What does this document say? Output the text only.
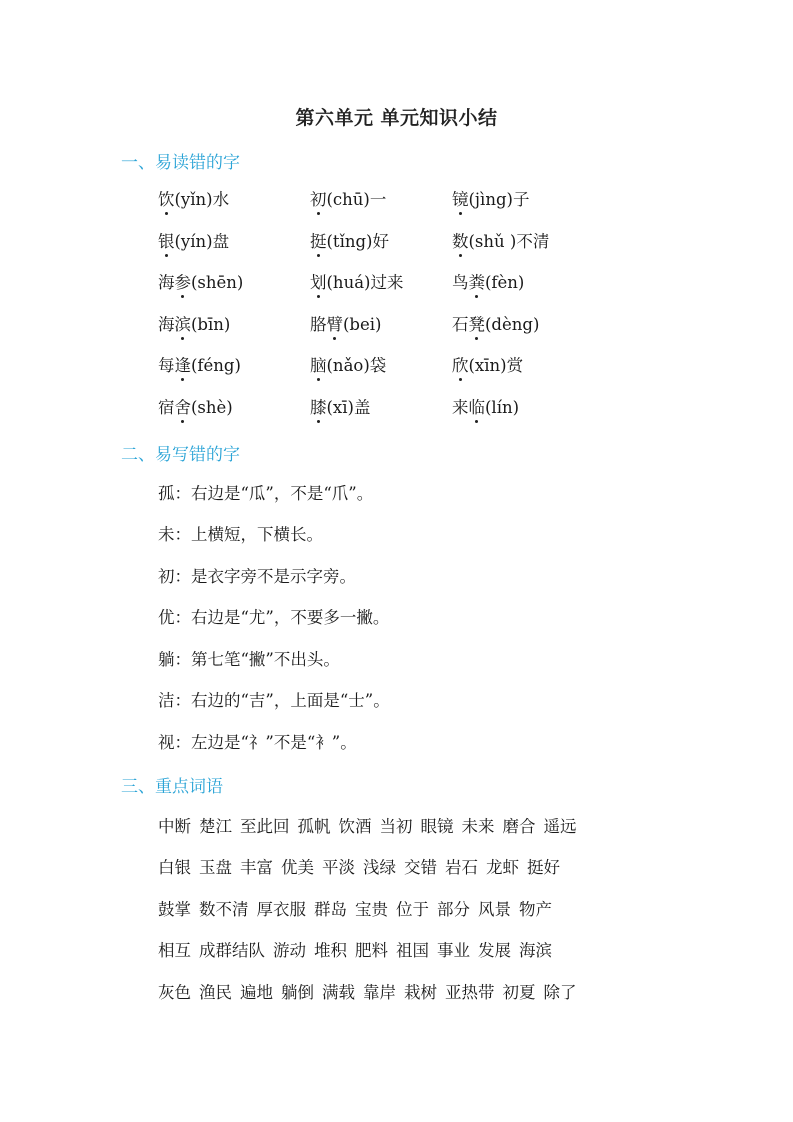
第六单元 单元知识小结
一、易读错的字
饮(yǐn)水	初(chū)一	镜(jìng)子
银(yín)盘	挺(tǐng)好	数(shǔ )不清
海参(shēn)	划(huá)过来	鸟粪(fèn)
海滨(bīn)	胳臂(bei)	石凳(dèng)
每逢(féng)	脑(nǎo)袋	欣(xīn)赏
宿舍(shè)	膝(xī)盖	来临(lín)
二、易写错的字
孤：右边是“瓜”，不是“爪”。
未：上横短，下横长。
初：是衣字旁不是示字旁。
优：右边是“尤”，不要多一撇。
躺：第七笔“撇”不出头。
洁：右边的“吉”，上面是“士”。
视：左边是“礻”不是“衤”。
三、重点词语
中断 楚江 至此回 孤帆 饮酒 当初 眼镜 未来 磨合 遥远
白银 玉盘 丰富 优美 平淡 浅绿 交错 岩石 龙虾 挺好
鼓掌 数不清 厚衣服 群岛 宝贵 位于 部分 风景 物产
相互 成群结队 游动 堆积 肥料 祖国 事业 发展 海滨
灰色 渔民 遍地 躺倒 满载 靠岸 栽树 亚热带 初夏 除了
